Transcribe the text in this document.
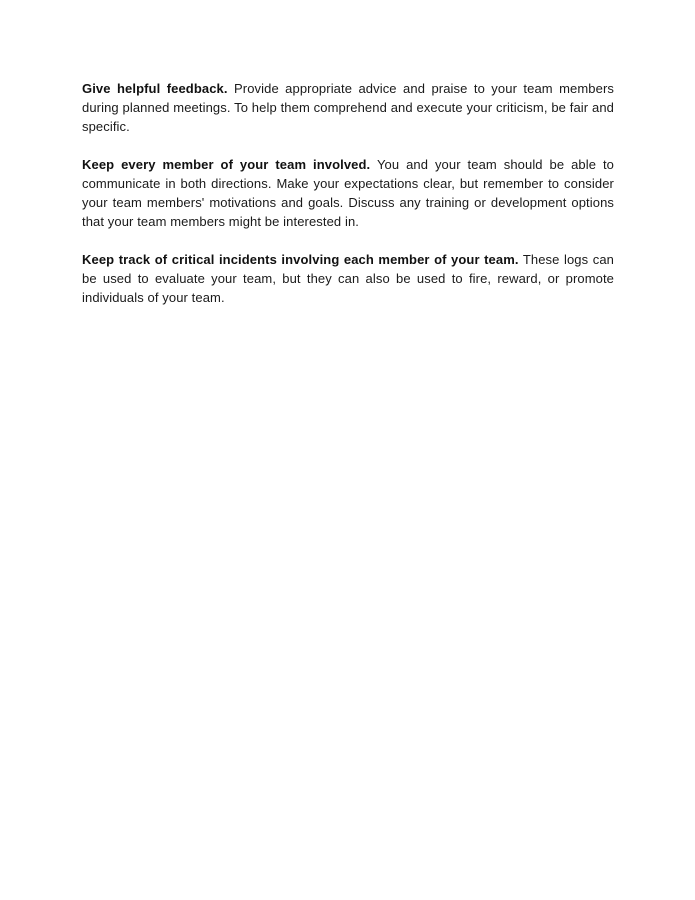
Give helpful feedback. Provide appropriate advice and praise to your team members during planned meetings. To help them comprehend and execute your criticism, be fair and specific.

Keep every member of your team involved. You and your team should be able to communicate in both directions. Make your expectations clear, but remember to consider your team members' motivations and goals. Discuss any training or development options that your team members might be interested in.

Keep track of critical incidents involving each member of your team. These logs can be used to evaluate your team, but they can also be used to fire, reward, or promote individuals of your team.
